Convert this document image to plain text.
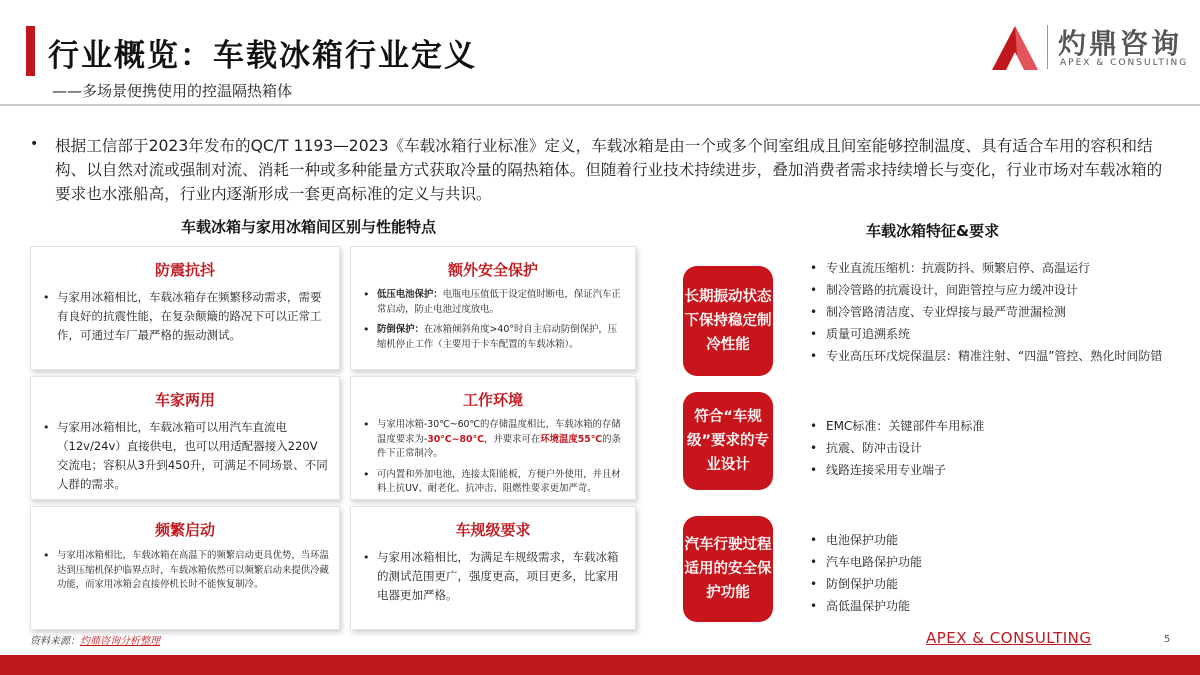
行业概览：车载冰箱行业定义
——多场景便携使用的控温隔热箱体
灼鼎咨询
APEX & CONSULTING
• 根据工信部于2023年发布的QC/T 1193—2023《车载冰箱行业标准》定义，车载冰箱是由一个或多个间室组成且间室能够控制温度、具有适合车用的容积和结构、以自然对流或强制对流、消耗一种或多种能量方式获取冷量的隔热箱体。但随着行业技术持续进步，叠加消费者需求持续增长与变化，行业市场对车载冰箱的要求也水涨船高，行业内逐渐形成一套更高标准的定义与共识。
车载冰箱与家用冰箱间区别与性能特点	车载冰箱特征&要求
防震抗抖
• 与家用冰箱相比，车载冰箱存在频繁移动需求，需要有良好的抗震性能，在复杂颠簸的路况下可以正常工作，可通过车厂最严格的振动测试。
车家两用
• 与家用冰箱相比，车载冰箱可以用汽车直流电（12v/24v）直接供电，也可以用适配器接入220V交流电；容积从3升到450升，可满足不同场景、不同人群的需求。
频繁启动
• 与家用冰箱相比，车载冰箱在高温下的频繁启动更具优势，当环温达到压缩机保护临界点时，车载冰箱依然可以频繁启动来提供冷藏功能，而家用冰箱会直接停机长时不能恢复制冷。
额外安全保护
• 低压电池保护：电瓶电压值低于设定值时断电，保证汽车正常启动，防止电池过度放电。
• 防倒保护：在冰箱倾斜角度>40°时自主启动防倒保护，压缩机停止工作（主要用于卡车配置的车载冰箱）。
工作环境
• 与家用冰箱-30℃~60℃的存储温度相比，车载冰箱的存储温度要求为-30℃~80℃，并要求可在环境温度55℃的条件下正常制冷。
• 可内置和外加电池，连接太阳能板，方便户外使用，并且材料上抗UV、耐老化、抗冲击、阻燃性要求更加严苛。
车规级要求
• 与家用冰箱相比，为满足车规级需求，车载冰箱的测试范围更广，强度更高，项目更多，比家用电器更加严格。
长期振动状态下保持稳定制冷性能
• 专业直流压缩机：抗震防抖、频繁启停、高温运行
• 制冷管路的抗震设计，间距管控与应力缓冲设计
• 制冷管路清洁度、专业焊接与最严苛泄漏检测
• 质量可追溯系统
• 专业高压环戊烷保温层：精准注射、“四温”管控、熟化时间防错
符合“车规级”要求的专业设计
• EMC标准：关键部件车用标准
• 抗震、防冲击设计
• 线路连接采用专业端子
汽车行驶过程适用的安全保护功能
• 电池保护功能
• 汽车电路保护功能
• 防倒保护功能
• 高低温保护功能
资料来源：灼鼎咨询分析整理	APEX & CONSULTING	5
